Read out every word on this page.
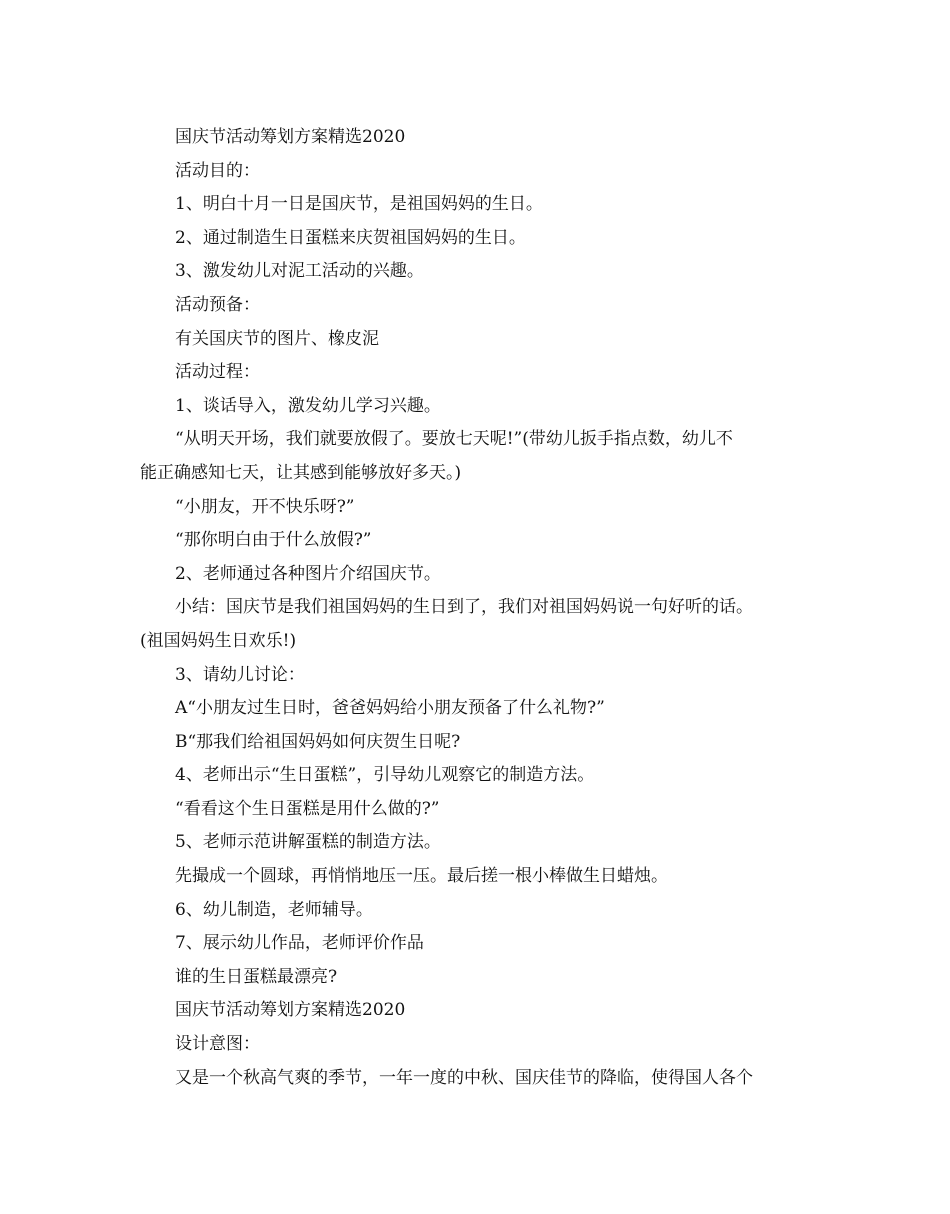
国庆节活动筹划方案精选2020
活动目的：
1、明白十月一日是国庆节，是祖国妈妈的生日。
2、通过制造生日蛋糕来庆贺祖国妈妈的生日。
3、激发幼儿对泥工活动的兴趣。
活动预备：
有关国庆节的图片、橡皮泥
活动过程：
1、谈话导入，激发幼儿学习兴趣。
“从明天开场，我们就要放假了。要放七天呢!”(带幼儿扳手指点数，幼儿不
能正确感知七天，让其感到能够放好多天。)
“小朋友，开不快乐呀?”
“那你明白由于什么放假?”
2、老师通过各种图片介绍国庆节。
小结：国庆节是我们祖国妈妈的生日到了，我们对祖国妈妈说一句好听的话。
(祖国妈妈生日欢乐!)
3、请幼儿讨论：
A“小朋友过生日时，爸爸妈妈给小朋友预备了什么礼物?”
B“那我们给祖国妈妈如何庆贺生日呢?
4、老师出示“生日蛋糕”，引导幼儿观察它的制造方法。
“看看这个生日蛋糕是用什么做的?”
5、老师示范讲解蛋糕的制造方法。
先撮成一个圆球，再悄悄地压一压。最后搓一根小棒做生日蜡烛。
6、幼儿制造，老师辅导。
7、展示幼儿作品，老师评价作品
谁的生日蛋糕最漂亮?
国庆节活动筹划方案精选2020
设计意图：
又是一个秋高气爽的季节，一年一度的中秋、国庆佳节的降临，使得国人各个
